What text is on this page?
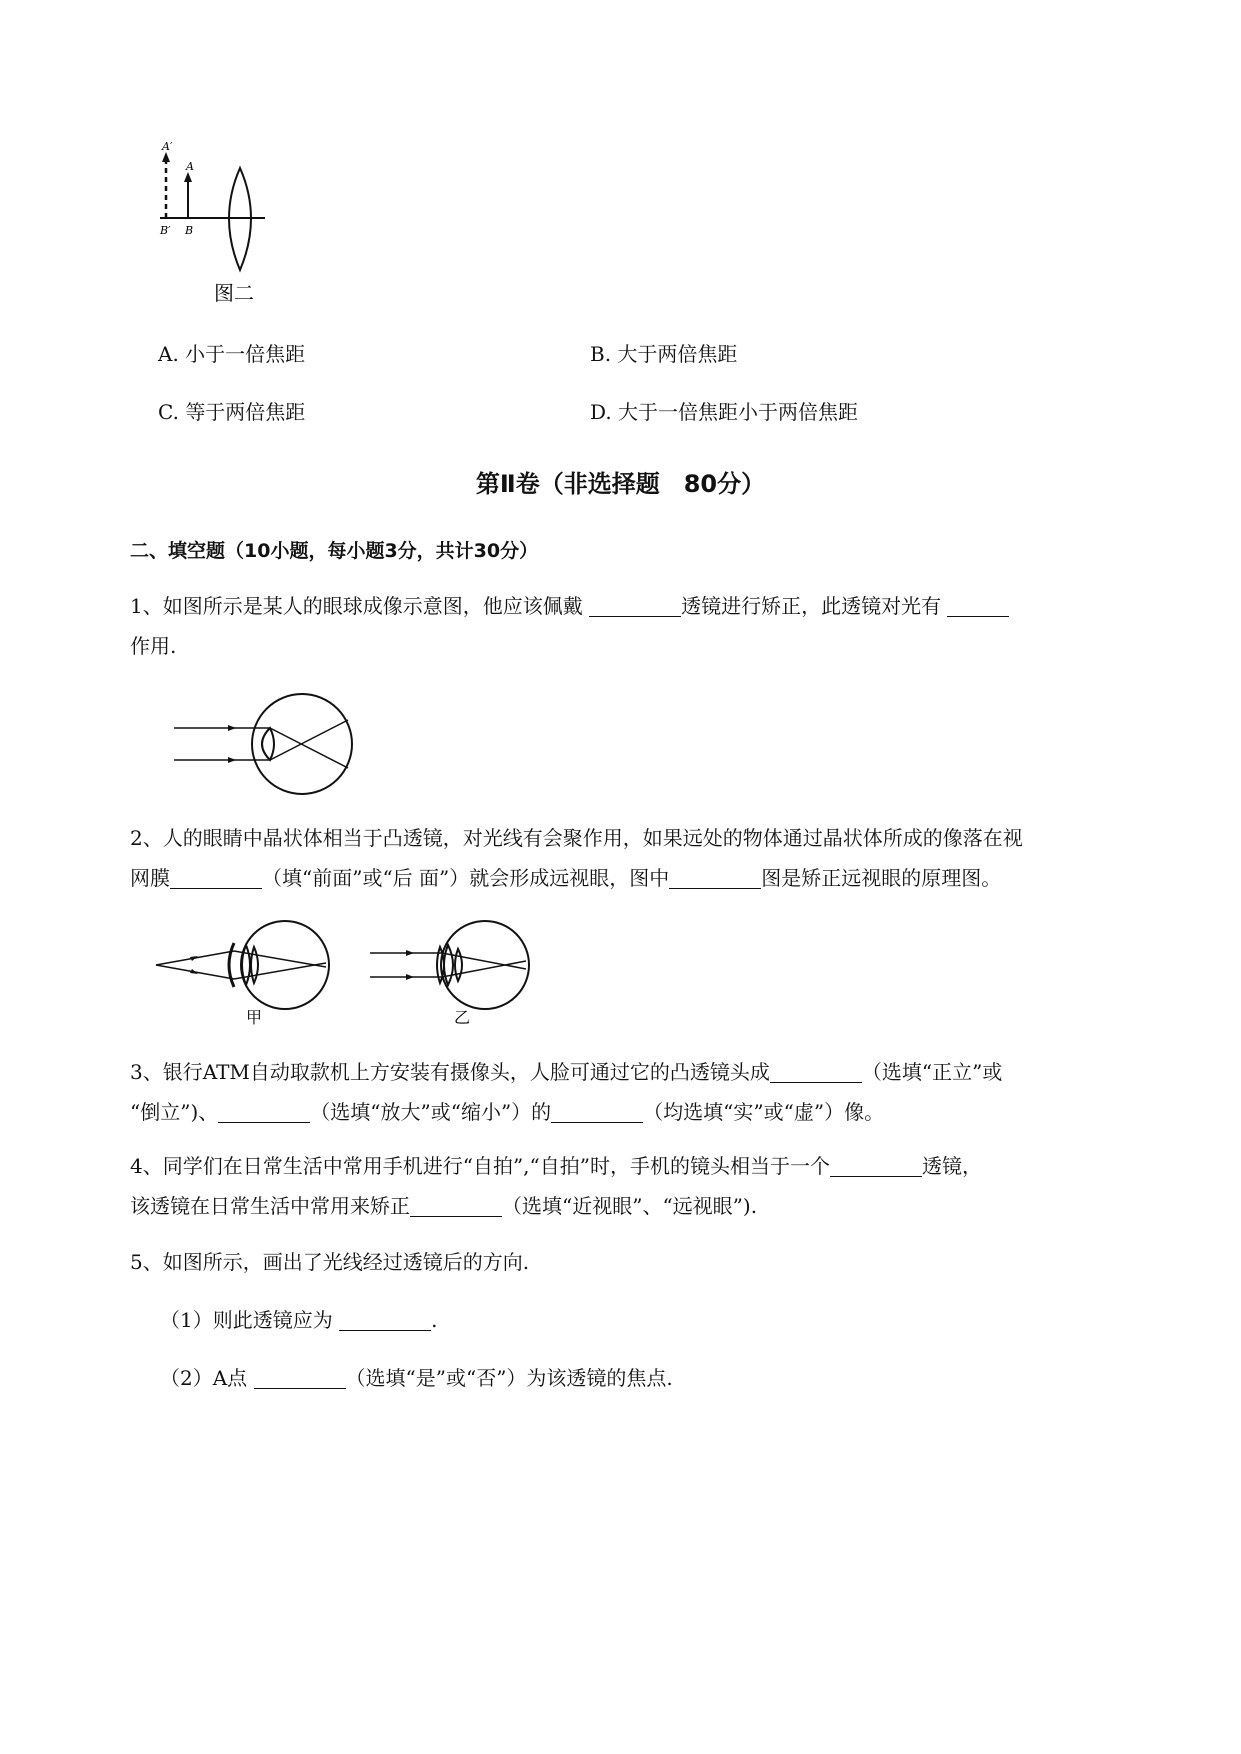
A′
A
B′ B
图二
A. 小于一倍焦距	B. 大于两倍焦距
C. 等于两倍焦距	D. 大于一倍焦距小于两倍焦距
第Ⅱ卷（非选择题　80分）
二、填空题（10小题，每小题3分，共计30分）
1、如图所示是某人的眼球成像示意图，他应该佩戴	透镜进行矫正，此透镜对光有
作用.
2、人的眼睛中晶状体相当于凸透镜，对光线有会聚作用，如果远处的物体通过晶状体所成的像落在视
网膜	（填“前面”或“后 面”）就会形成远视眼，图中	图是矫正远视眼的原理图。
甲	乙
3、银行ATM自动取款机上方安装有摄像头，人脸可通过它的凸透镜头成	（选填“正立”或
“倒立”)、	（选填“放大”或“缩小”）的	（均选填“实”或“虚”）像。
4、同学们在日常生活中常用手机进行“自拍”,“自拍”时，手机的镜头相当于一个	透镜，
该透镜在日常生活中常用来矫正	（选填“近视眼”、“远视眼”).
5、如图所示，画出了光线经过透镜后的方向.
（1）则此透镜应为	.
（2）A点	（选填“是”或“否”）为该透镜的焦点.
